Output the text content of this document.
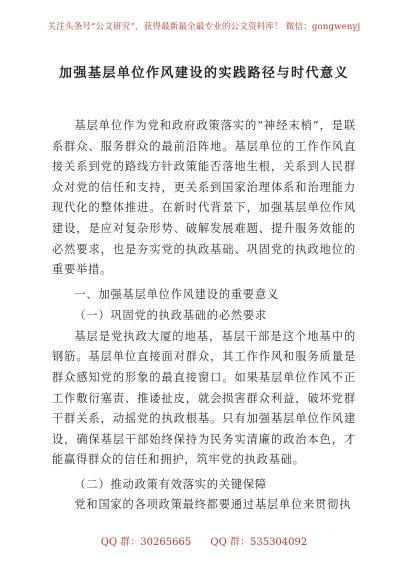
关注头条号“公文研究”，获得最新最全最专业的公文资料库！ 微信：gongwenyj
加强基层单位作风建设的实践路径与时代意义

基层单位作为党和政府政策落实的“神经末梢”，是联系群众、服务群众的最前沿阵地。基层单位的工作作风直接关系到党的路线方针政策能否落地生根，关系到人民群众对党的信任和支持，更关系到国家治理体系和治理能力现代化的整体推进。在新时代背景下，加强基层单位作风建设，是应对复杂形势、破解发展难题、提升服务效能的必然要求，也是夯实党的执政基础、巩固党的执政地位的重要举措。

一、加强基层单位作风建设的重要意义

（一）巩固党的执政基础的必然要求

基层是党执政大厦的地基，基层干部是这个地基中的钢筋。基层单位直接面对群众，其工作作风和服务质量是群众感知党的形象的最直接窗口。如果基层单位作风不正工作敷衍塞责、推诿扯皮，就会损害群众利益，破坏党群干群关系，动摇党的执政根基。只有加强基层单位作风建设，确保基层干部始终保持为民务实清廉的政治本色，才能赢得群众的信任和拥护，筑牢党的执政基础。

（二）推动政策有效落实的关键保障

党和国家的各项政策最终都要通过基层单位来贯彻执

QQ 群：30265665 QQ 群：535304092
